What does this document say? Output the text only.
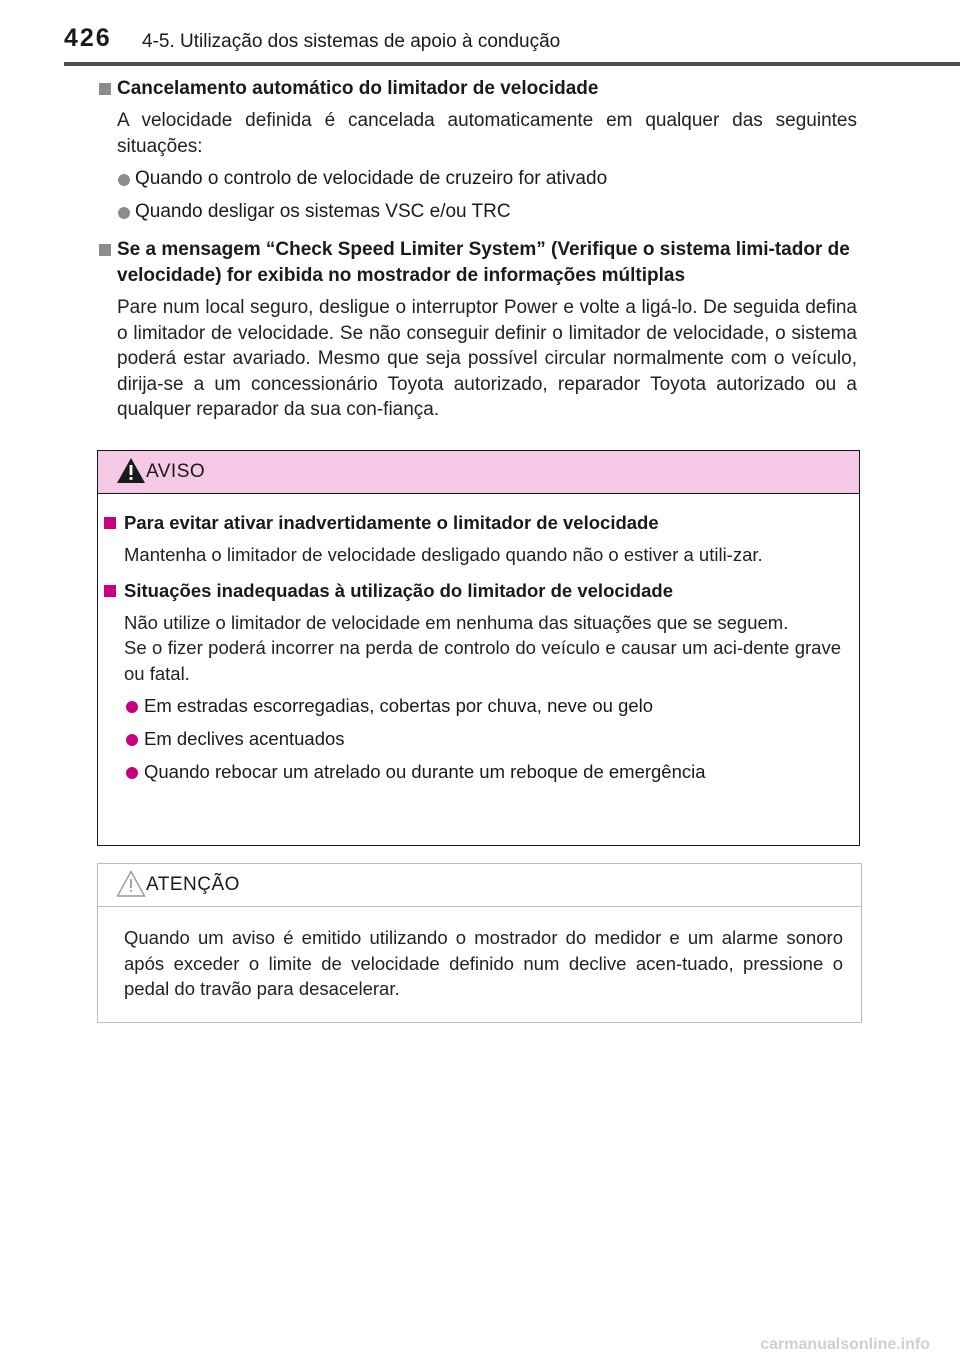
426 4-5. Utilização dos sistemas de apoio à condução
Cancelamento automático do limitador de velocidade
A velocidade definida é cancelada automaticamente em qualquer das seguintes situações:
Quando o controlo de velocidade de cruzeiro for ativado
Quando desligar os sistemas VSC e/ou TRC
Se a mensagem “Check Speed Limiter System” (Verifique o sistema limi-tador de velocidade) for exibida no mostrador de informações múltiplas
Pare num local seguro, desligue o interruptor Power e volte a ligá-lo. De seguida defina o limitador de velocidade. Se não conseguir definir o limitador de velocidade, o sistema poderá estar avariado. Mesmo que seja possível circular normalmente com o veículo, dirija-se a um concessionário Toyota autorizado, reparador Toyota autorizado ou a qualquer reparador da sua con-fiança.
AVISO
Para evitar ativar inadvertidamente o limitador de velocidade
Mantenha o limitador de velocidade desligado quando não o estiver a utili-zar.
Situações inadequadas à utilização do limitador de velocidade
Não utilize o limitador de velocidade em nenhuma das situações que se seguem.
Se o fizer poderá incorrer na perda de controlo do veículo e causar um aci-dente grave ou fatal.
Em estradas escorregadias, cobertas por chuva, neve ou gelo
Em declives acentuados
Quando rebocar um atrelado ou durante um reboque de emergência
ATENÇÃO
Quando um aviso é emitido utilizando o mostrador do medidor e um alarme sonoro após exceder o limite de velocidade definido num declive acen-tuado, pressione o pedal do travão para desacelerar.
carmanualsonline.info
